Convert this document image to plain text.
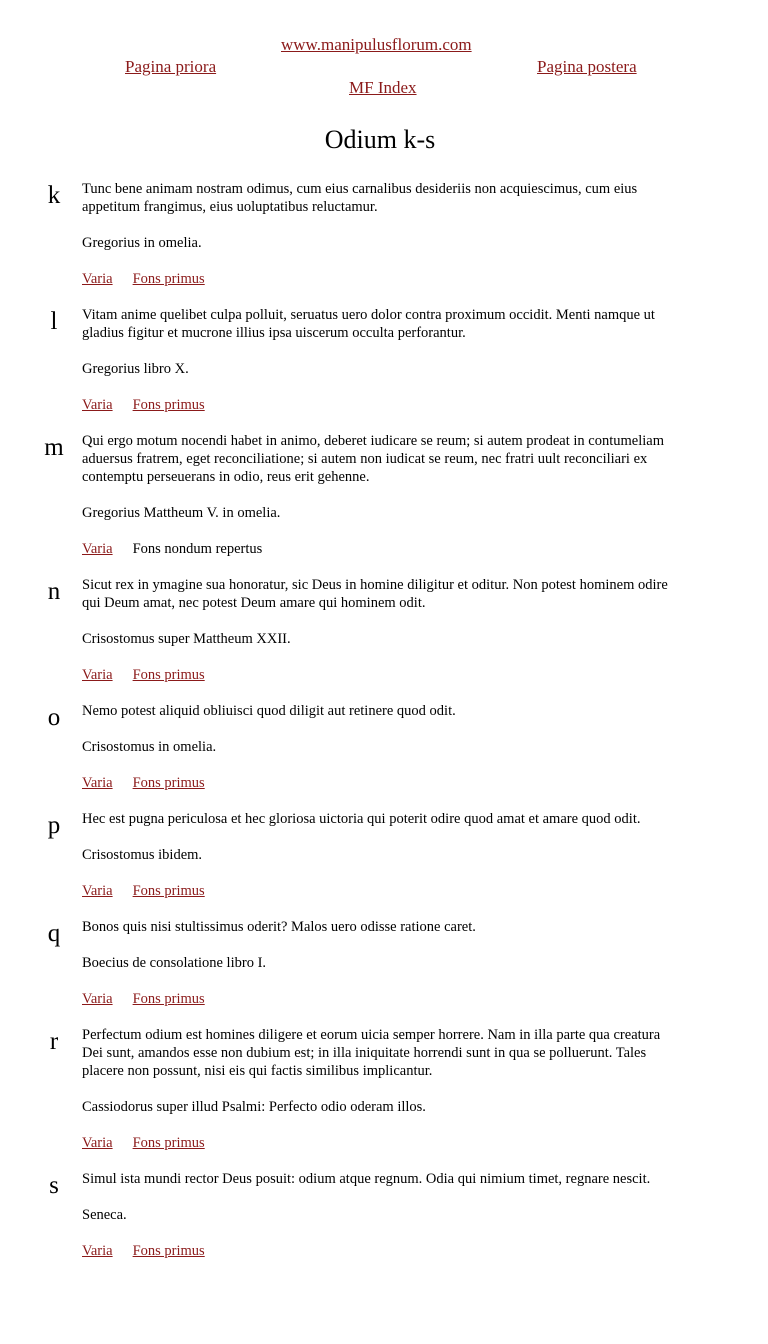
www.manipulusflorum.com
Pagina priora	Pagina postera
MF Index
Odium k-s
k	Tunc bene animam nostram odimus, cum eius carnalibus desideriis non acquiescimus, cum eius appetitum frangimus, eius uoluptatibus reluctamur.

Gregorius in omelia.

Varia Fons primus
l	Vitam anime quelibet culpa polluit, seruatus uero dolor contra proximum occidit. Menti namque ut gladius figitur et mucrone illius ipsa uiscerum occulta perforantur.

Gregorius libro X.

Varia Fons primus
m Qui ergo motum nocendi habet in animo, deberet iudicare se reum; si autem prodeat in contumeliam aduersus fratrem, eget reconciliatione; si autem non iudicat se reum, nec fratri uult reconciliari ex contemptu perseuerans in odio, reus erit gehenne.

Gregorius Mattheum V. in omelia.

Varia Fons nondum repertus
n	Sicut rex in ymagine sua honoratur, sic Deus in homine diligitur et oditur. Non potest hominem odire qui Deum amat, nec potest Deum amare qui hominem odit.

Crisostomus super Mattheum XXII.

Varia Fons primus
o	Nemo potest aliquid obliuisci quod diligit aut retinere quod odit.

Crisostomus in omelia.

Varia Fons primus
p	Hec est pugna periculosa et hec gloriosa uictoria qui poterit odire quod amat et amare quod odit.

Crisostomus ibidem.

Varia Fons primus
q	Bonos quis nisi stultissimus oderit? Malos uero odisse ratione caret.

Boecius de consolatione libro I.

Varia Fons primus
r	Perfectum odium est homines diligere et eorum uicia semper horrere. Nam in illa parte qua creatura Dei sunt, amandos esse non dubium est; in illa iniquitate horrendi sunt in qua se polluerunt. Tales placere non possunt, nisi eis qui factis similibus implicantur.

Cassiodorus super illud Psalmi: Perfecto odio oderam illos.

Varia Fons primus
s	Simul ista mundi rector Deus posuit: odium atque regnum. Odia qui nimium timet, regnare nescit.

Seneca.

Varia Fons primus
